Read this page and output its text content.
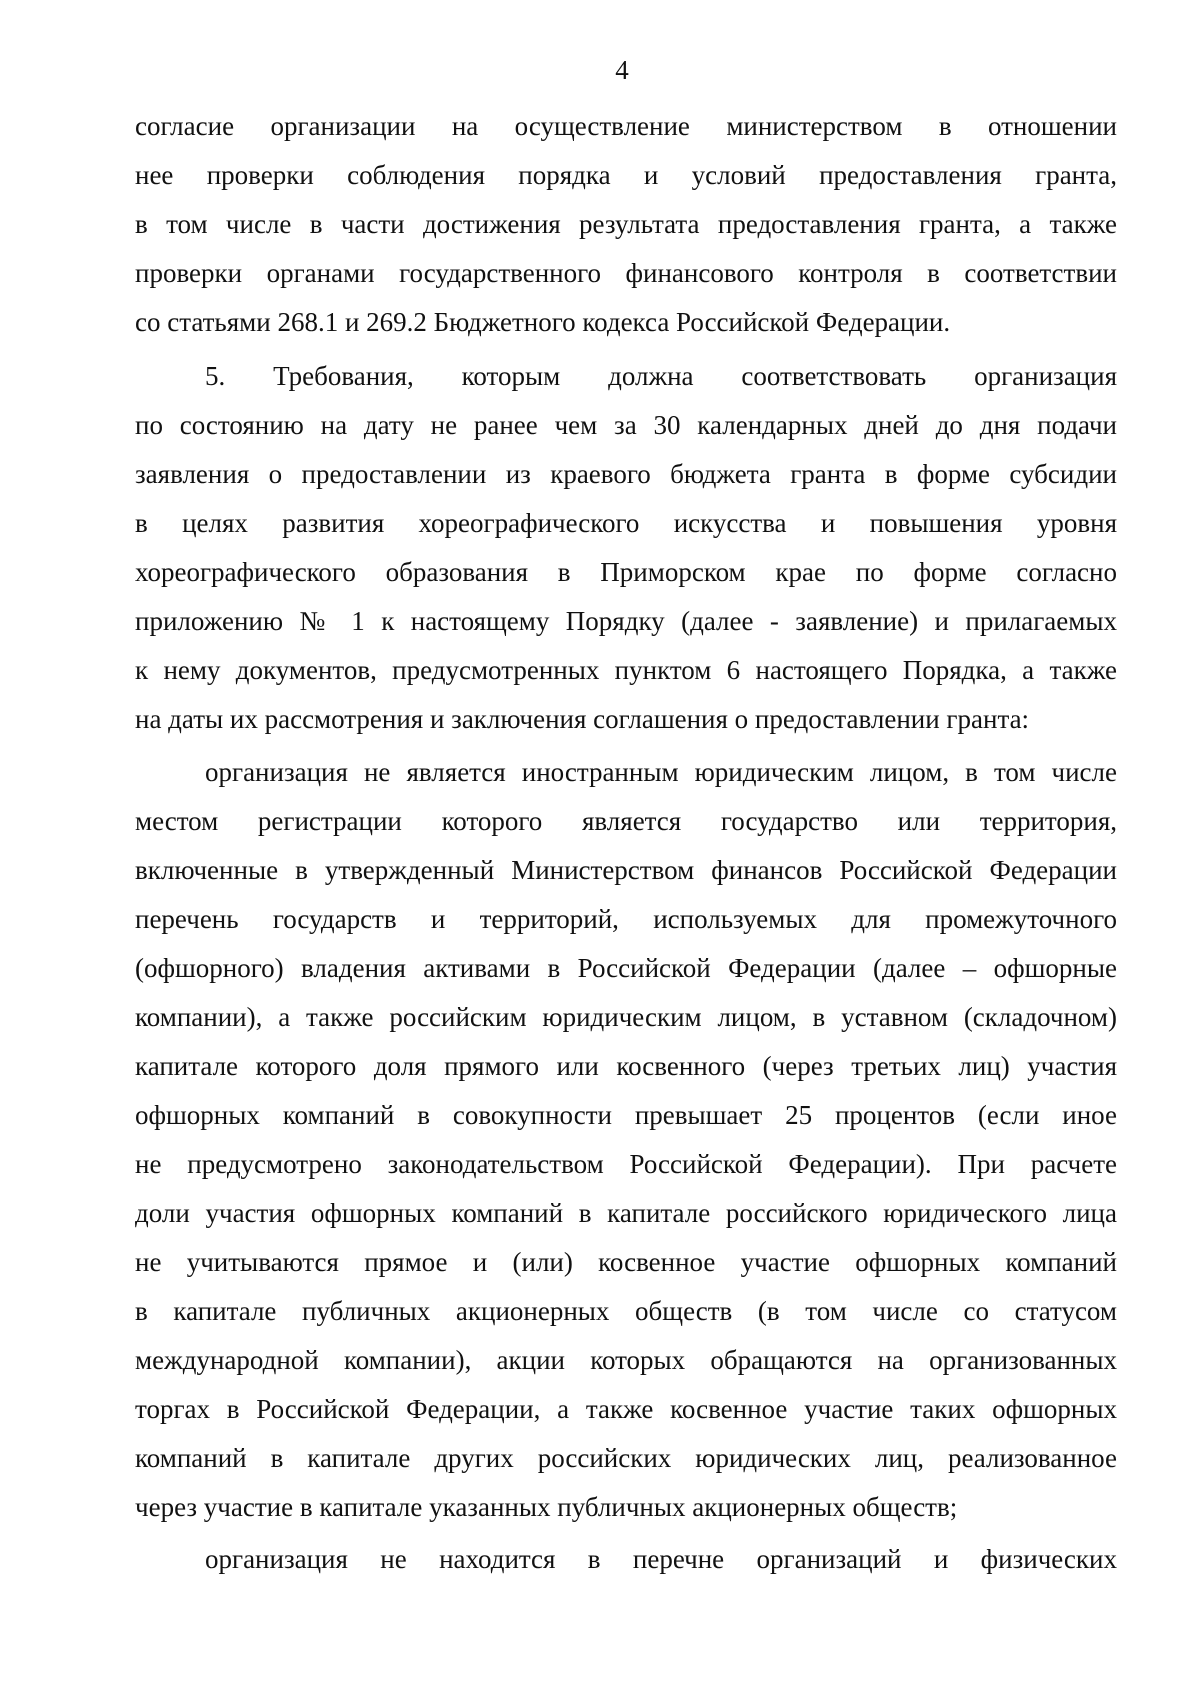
4
согласие организации на осуществление министерством в отношении
нее проверки соблюдения порядка и условий предоставления гранта,
в том числе в части достижения результата предоставления гранта, а также
проверки органами государственного финансового контроля в соответствии
со статьями 268.1 и 269.2 Бюджетного кодекса Российской Федерации.
5. Требования, которым должна соответствовать организация
по состоянию на дату не ранее чем за 30 календарных дней до дня подачи
заявления о предоставлении из краевого бюджета гранта в форме субсидии
в целях развития хореографического искусства и повышения уровня
хореографического образования в Приморском крае по форме согласно
приложению № 1 к настоящему Порядку (далее - заявление) и прилагаемых
к нему документов, предусмотренных пунктом 6 настоящего Порядка, а также
на даты их рассмотрения и заключения соглашения о предоставлении гранта:
организация не является иностранным юридическим лицом, в том числе
местом регистрации которого является государство или территория,
включенные в утвержденный Министерством финансов Российской Федерации
перечень государств и территорий, используемых для промежуточного
(офшорного) владения активами в Российской Федерации (далее – офшорные
компании), а также российским юридическим лицом, в уставном (складочном)
капитале которого доля прямого или косвенного (через третьих лиц) участия
офшорных компаний в совокупности превышает 25 процентов (если иное
не предусмотрено законодательством Российской Федерации). При расчете
доли участия офшорных компаний в капитале российского юридического лица
не учитываются прямое и (или) косвенное участие офшорных компаний
в капитале публичных акционерных обществ (в том числе со статусом
международной компании), акции которых обращаются на организованных
торгах в Российской Федерации, а также косвенное участие таких офшорных
компаний в капитале других российских юридических лиц, реализованное
через участие в капитале указанных публичных акционерных обществ;
организация не находится в перечне организаций и физических
